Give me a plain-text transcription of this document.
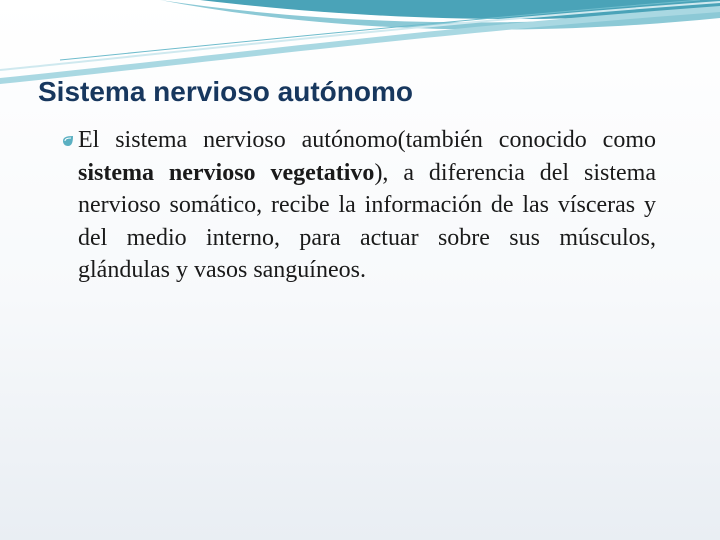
Sistema nervioso autónomo
El sistema nervioso autónomo(también conocido como sistema nervioso vegetativo), a diferencia del sistema nervioso somático, recibe la información de las vísceras y del medio interno, para actuar sobre sus músculos, glándulas y vasos sanguíneos.
